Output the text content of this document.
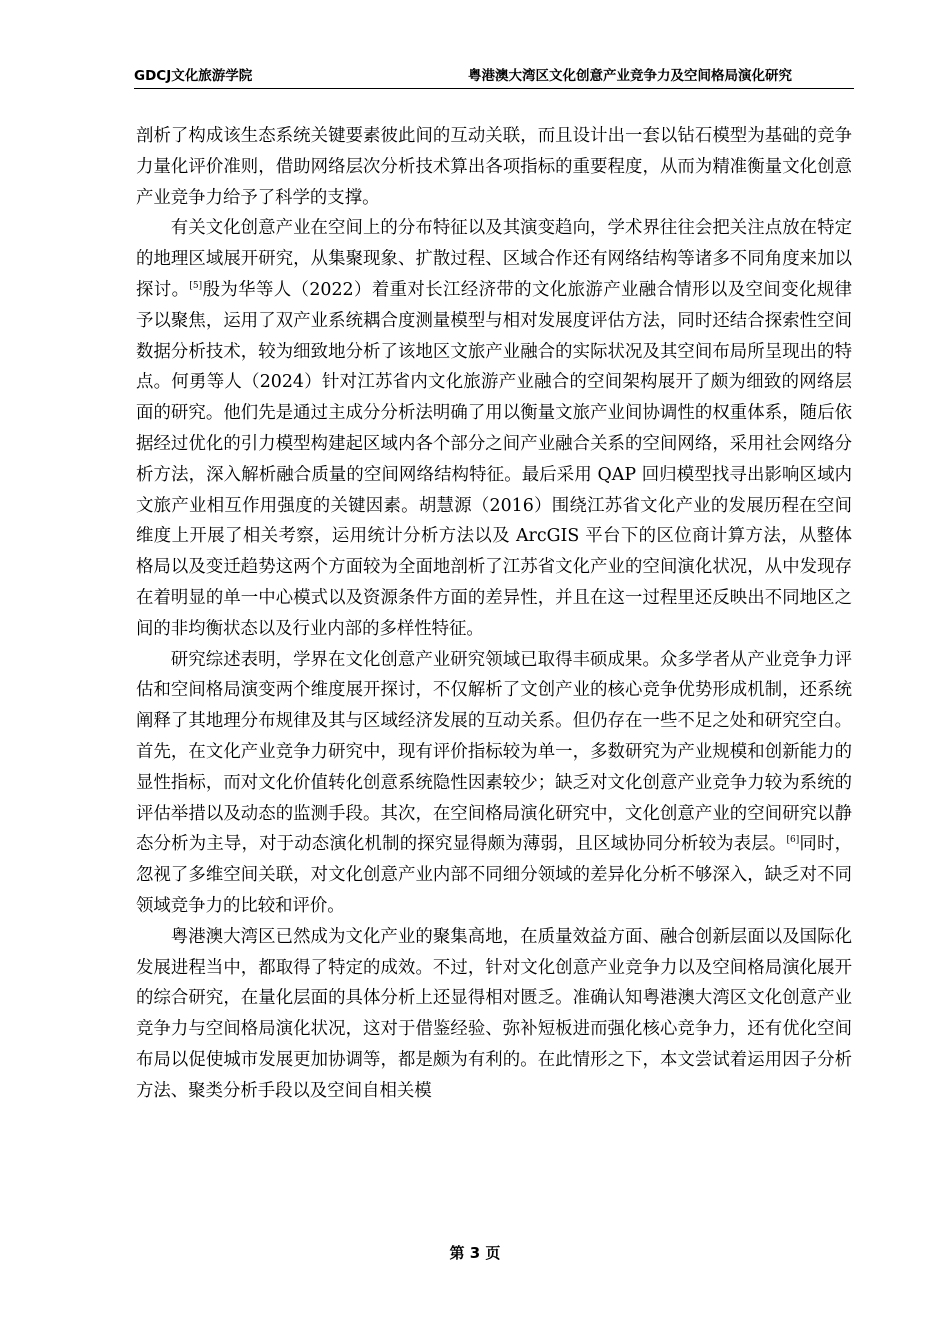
GDCJ文化旅游学院	粤港澳大湾区文化创意产业竞争力及空间格局演化研究

剖析了构成该生态系统关键要素彼此间的互动关联，而且设计出一套以钻石模型为基础的竞争力量化评价准则，借助网络层次分析技术算出各项指标的重要程度，从而为精准衡量文化创意产业竞争力给予了科学的支撑。

有关文化创意产业在空间上的分布特征以及其演变趋向，学术界往往会把关注点放在特定的地理区域展开研究，从集聚现象、扩散过程、区域合作还有网络结构等诸多不同角度来加以探讨。[5]殷为华等人（2022）着重对长江经济带的文化旅游产业融合情形以及空间变化规律予以聚焦，运用了双产业系统耦合度测量模型与相对发展度评估方法，同时还结合探索性空间数据分析技术，较为细致地分析了该地区文旅产业融合的实际状况及其空间布局所呈现出的特点。何勇等人（2024）针对江苏省内文化旅游产业融合的空间架构展开了颇为细致的网络层面的研究。他们先是通过主成分分析法明确了用以衡量文旅产业间协调性的权重体系，随后依据经过优化的引力模型构建起区域内各个部分之间产业融合关系的空间网络，采用社会网络分析方法，深入解析融合质量的空间网络结构特征。最后采用 QAP 回归模型找寻出影响区域内文旅产业相互作用强度的关键因素。胡慧源（2016）围绕江苏省文化产业的发展历程在空间维度上开展了相关考察，运用统计分析方法以及 ArcGIS 平台下的区位商计算方法，从整体格局以及变迁趋势这两个方面较为全面地剖析了江苏省文化产业的空间演化状况，从中发现存在着明显的单一中心模式以及资源条件方面的差异性，并且在这一过程里还反映出不同地区之间的非均衡状态以及行业内部的多样性特征。

研究综述表明，学界在文化创意产业研究领域已取得丰硕成果。众多学者从产业竞争力评估和空间格局演变两个维度展开探讨，不仅解析了文创产业的核心竞争优势形成机制，还系统阐释了其地理分布规律及其与区域经济发展的互动关系。但仍存在一些不足之处和研究空白。首先，在文化产业竞争力研究中，现有评价指标较为单一，多数研究为产业规模和创新能力的显性指标，而对文化价值转化创意系统隐性因素较少；缺乏对文化创意产业竞争力较为系统的评估举措以及动态的监测手段。其次，在空间格局演化研究中，文化创意产业的空间研究以静态分析为主导，对于动态演化机制的探究显得颇为薄弱，且区域协同分析较为表层。[6]同时，忽视了多维空间关联，对文化创意产业内部不同细分领域的差异化分析不够深入，缺乏对不同领域竞争力的比较和评价。

粤港澳大湾区已然成为文化产业的聚集高地，在质量效益方面、融合创新层面以及国际化发展进程当中，都取得了特定的成效。不过，针对文化创意产业竞争力以及空间格局演化展开的综合研究，在量化层面的具体分析上还显得相对匮乏。准确认知粤港澳大湾区文化创意产业竞争力与空间格局演化状况，这对于借鉴经验、弥补短板进而强化核心竞争力，还有优化空间布局以促使城市发展更加协调等，都是颇为有利的。在此情形之下，本文尝试着运用因子分析方法、聚类分析手段以及空间自相关模

第 3 页
